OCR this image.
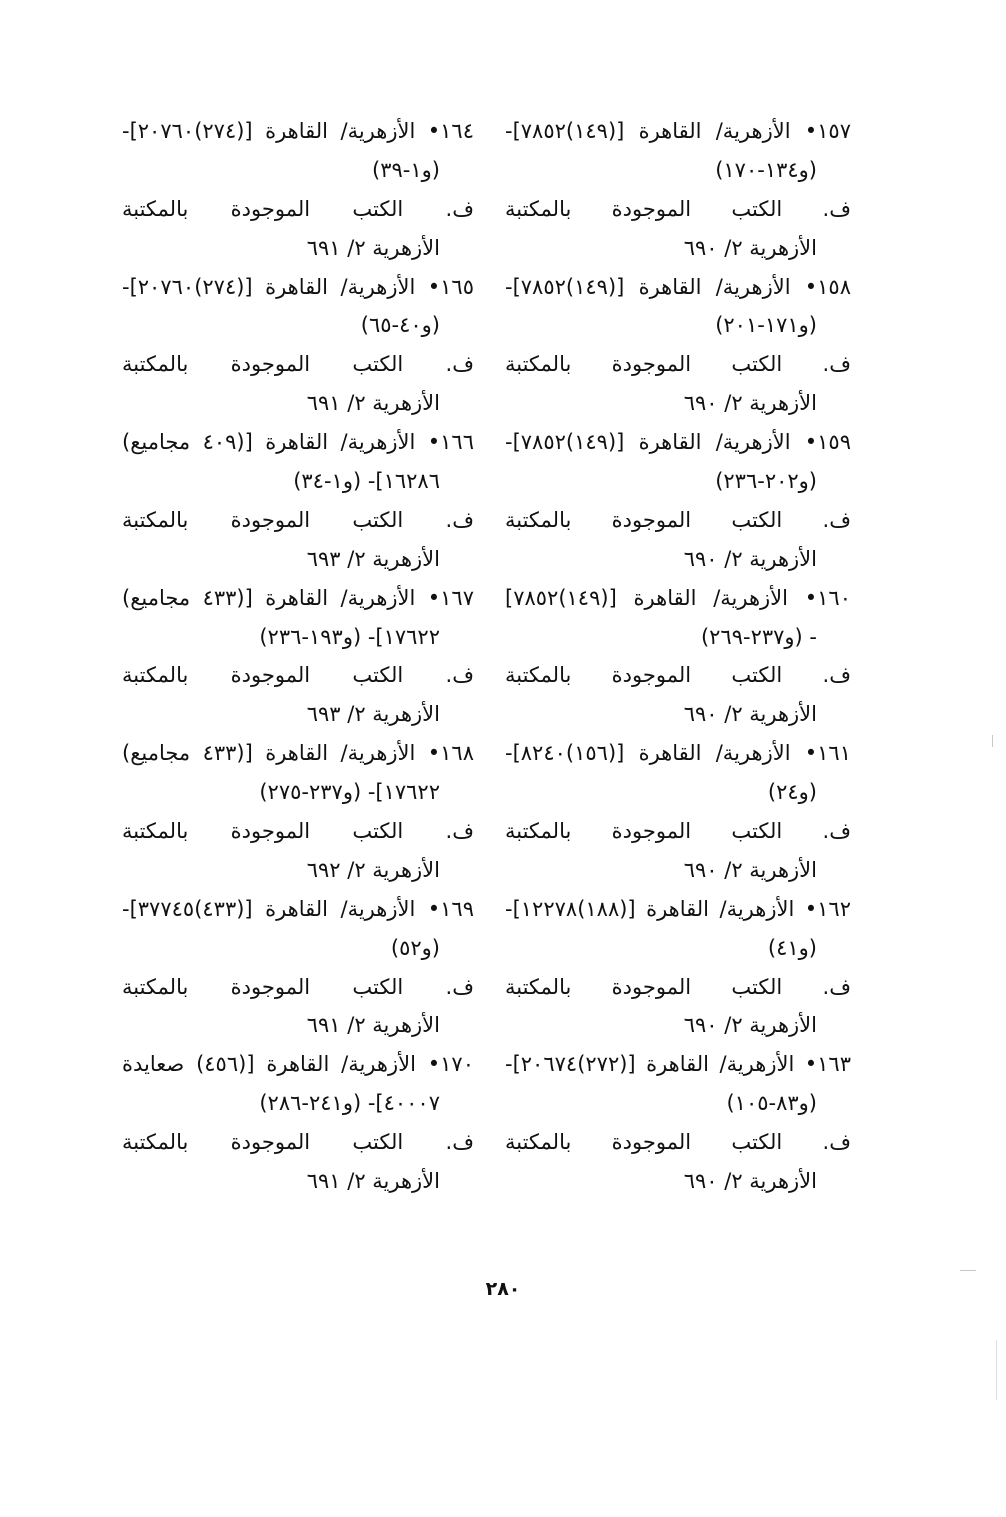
١٥٧• الأزهرية/ القاهرة [(١٤٩)٧٨٥٢]-
(و١٣٤-١٧٠)
ف. الكتب الموجودة بالمكتبة
الأزهرية ٢/ ٦٩٠
١٥٨• الأزهرية/ القاهرة [(١٤٩)٧٨٥٢]-
(و١٧١-٢٠١)
ف. الكتب الموجودة بالمكتبة
الأزهرية ٢/ ٦٩٠
١٥٩• الأزهرية/ القاهرة [(١٤٩)٧٨٥٢]-
(و٢٠٢-٢٣٦)
ف. الكتب الموجودة بالمكتبة
الأزهرية ٢/ ٦٩٠
١٦٠• الأزهرية/ القاهرة [(١٤٩)٧٨٥٢]
- (و٢٣٧-٢٦٩)
ف. الكتب الموجودة بالمكتبة
الأزهرية ٢/ ٦٩٠
١٦١• الأزهرية/ القاهرة [(١٥٦)٨٢٤٠]-
(و٢٤)
ف. الكتب الموجودة بالمكتبة
الأزهرية ٢/ ٦٩٠
١٦٢• الأزهرية/ القاهرة [(١٨٨)١٢٢٧٨]-
(و٤١)
ف. الكتب الموجودة بالمكتبة
الأزهرية ٢/ ٦٩٠
١٦٣• الأزهرية/ القاهرة [(٢٧٢)٢٠٦٧٤]-
(و٨٣-١٠٥)
ف. الكتب الموجودة بالمكتبة
الأزهرية ٢/ ٦٩٠
١٦٤• الأزهرية/ القاهرة [(٢٧٤)٢٠٧٦٠]-
(و١-٣٩)
ف. الكتب الموجودة بالمكتبة
الأزهرية ٢/ ٦٩١
١٦٥• الأزهرية/ القاهرة [(٢٧٤)٢٠٧٦٠]-
(و٤٠-٦٥)
ف. الكتب الموجودة بالمكتبة
الأزهرية ٢/ ٦٩١
١٦٦• الأزهرية/ القاهرة [(٤٠٩ مجاميع)
١٦٢٨٦]- (و١-٣٤)
ف. الكتب الموجودة بالمكتبة
الأزهرية ٢/ ٦٩٣
١٦٧• الأزهرية/ القاهرة [(٤٣٣ مجاميع)
١٧٦٢٢]- (و١٩٣-٢٣٦)
ف. الكتب الموجودة بالمكتبة
الأزهرية ٢/ ٦٩٣
١٦٨• الأزهرية/ القاهرة [(٤٣٣ مجاميع)
١٧٦٢٢]- (و٢٣٧-٢٧٥)
ف. الكتب الموجودة بالمكتبة
الأزهرية ٢/ ٦٩٢
١٦٩• الأزهرية/ القاهرة [(٤٣٣)٣٧٧٤٥]-
(و٥٢)
ف. الكتب الموجودة بالمكتبة
الأزهرية ٢/ ٦٩١
١٧٠• الأزهرية/ القاهرة [(٤٥٦) صعايدة
٤٠٠٠٧]- (و٢٤١-٢٨٦)
ف. الكتب الموجودة بالمكتبة
الأزهرية ٢/ ٦٩١
٢٨٠
